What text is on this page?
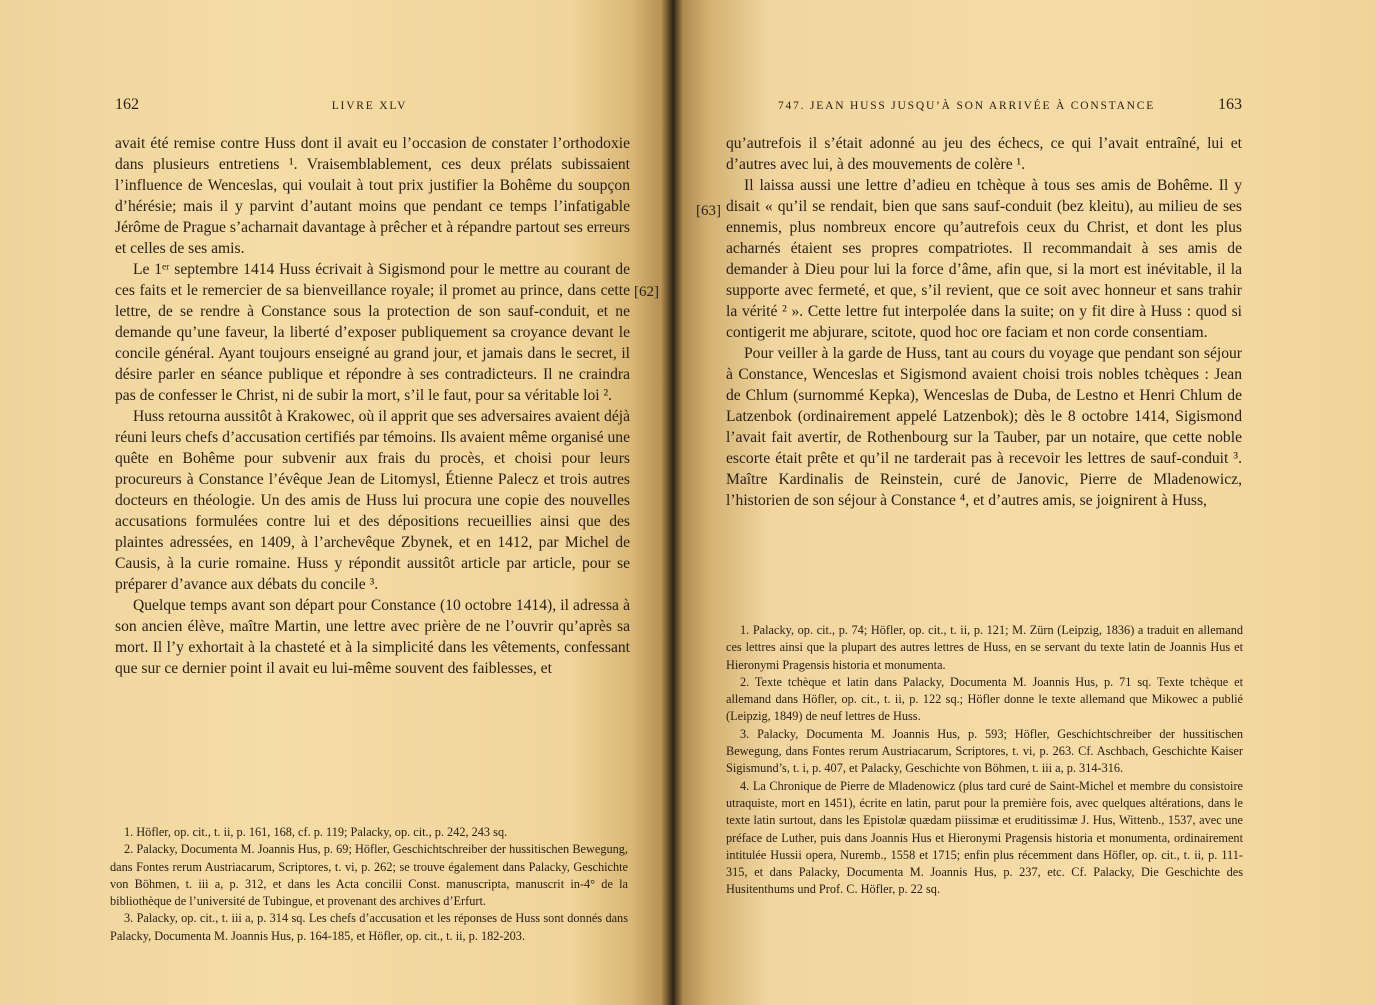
162	LIVRE XLV

avait été remise contre Huss dont il avait eu l’occasion de constater l’orthodoxie dans plusieurs entretiens ¹. Vraisemblablement, ces deux prélats subissaient l’influence de Wenceslas, qui voulait à tout prix justifier la Bohême du soupçon d’hérésie; mais il y parvint d’autant moins que pendant ce temps l’infatigable Jérôme de Prague s’acharnait davantage à prêcher et à répandre partout ses erreurs et celles de ses amis.

Le 1ᵉʳ septembre 1414 Huss écrivait à Sigismond pour le mettre au courant de ces faits et le remercier de sa bienveillance royale; il promet au prince, dans cette lettre, de se rendre à Constance sous la protection de son sauf-conduit, et ne demande qu’une faveur, la liberté d’exposer publiquement sa croyance devant le concile général. Ayant toujours enseigné au grand jour, et jamais dans le secret, il désire parler en séance publique et répondre à ses contradicteurs. Il ne craindra pas de confesser le Christ, ni de subir la mort, s’il le faut, pour sa véritable loi ².

Huss retourna aussitôt à Krakowec, où il apprit que ses adversaires avaient déjà réuni leurs chefs d’accusation certifiés par témoins. Ils avaient même organisé une quête en Bohême pour subvenir aux frais du procès, et choisi pour leurs procureurs à Constance l’évêque Jean de Litomysl, Étienne Palecz et trois autres docteurs en théologie. Un des amis de Huss lui procura une copie des nouvelles accusations formulées contre lui et des dépositions recueillies ainsi que des plaintes adressées, en 1409, à l’archevêque Zbynek, et en 1412, par Michel de Causis, à la curie romaine. Huss y répondit aussitôt article par article, pour se préparer d’avance aux débats du concile ³.

Quelque temps avant son départ pour Constance (10 octobre 1414), il adressa à son ancien élève, maître Martin, une lettre avec prière de ne l’ouvrir qu’après sa mort. Il l’y exhortait à la chasteté et à la simplicité dans les vêtements, confessant que sur ce dernier point il avait eu lui-même souvent des faiblesses, et

[62]

1. Höfler, op. cit., t. ii, p. 161, 168, cf. p. 119; Palacky, op. cit., p. 242, 243 sq.

2. Palacky, Documenta M. Joannis Hus, p. 69; Höfler, Geschichtschreiber der hussitischen Bewegung, dans Fontes rerum Austriacarum, Scriptores, t. vi, p. 262; se trouve également dans Palacky, Geschichte von Böhmen, t. iii a, p. 312, et dans les Acta concilii Const. manuscripta, manuscrit in-4° de la bibliothèque de l’université de Tubingue, et provenant des archives d’Erfurt.

3. Palacky, op. cit., t. iii a, p. 314 sq. Les chefs d’accusation et les réponses de Huss sont donnés dans Palacky, Documenta M. Joannis Hus, p. 164-185, et Höfler, op. cit., t. ii, p. 182-203.

747. JEAN HUSS JUSQU’À SON ARRIVÉE À CONSTANCE	163

qu’autrefois il s’était adonné au jeu des échecs, ce qui l’avait entraîné, lui et d’autres avec lui, à des mouvements de colère ¹.

Il laissa aussi une lettre d’adieu en tchèque à tous ses amis de Bohême. Il y disait « qu’il se rendait, bien que sans sauf-conduit (bez kleitu), au milieu de ses ennemis, plus nombreux encore qu’autrefois ceux du Christ, et dont les plus acharnés étaient ses propres compatriotes. Il recommandait à ses amis de demander à Dieu pour lui la force d’âme, afin que, si la mort est inévitable, il la supporte avec fermeté, et que, s’il revient, que ce soit avec honneur et sans trahir la vérité ² ». Cette lettre fut interpolée dans la suite; on y fit dire à Huss : quod si contigerit me abjurare, scitote, quod hoc ore faciam et non corde consentiam.

Pour veiller à la garde de Huss, tant au cours du voyage que pendant son séjour à Constance, Wenceslas et Sigismond avaient choisi trois nobles tchèques : Jean de Chlum (surnommé Kepka), Wenceslas de Duba, de Lestno et Henri Chlum de Latzenbok (ordinairement appelé Latzenbok); dès le 8 octobre 1414, Sigismond l’avait fait avertir, de Rothenbourg sur la Tauber, par un notaire, que cette noble escorte était prête et qu’il ne tarderait pas à recevoir les lettres de sauf-conduit ³. Maître Kardinalis de Reinstein, curé de Janovic, Pierre de Mladenowicz, l’historien de son séjour à Constance ⁴, et d’autres amis, se joignirent à Huss,

[63]

1. Palacky, op. cit., p. 74; Höfler, op. cit., t. ii, p. 121; M. Zürn (Leipzig, 1836) a traduit en allemand ces lettres ainsi que la plupart des autres lettres de Huss, en se servant du texte latin de Joannis Hus et Hieronymi Pragensis historia et monumenta.

2. Texte tchèque et latin dans Palacky, Documenta M. Joannis Hus, p. 71 sq. Texte tchèque et allemand dans Höfler, op. cit., t. ii, p. 122 sq.; Höfler donne le texte allemand que Mikowec a publié (Leipzig, 1849) de neuf lettres de Huss.

3. Palacky, Documenta M. Joannis Hus, p. 593; Höfler, Geschichtschreiber der hussitischen Bewegung, dans Fontes rerum Austriacarum, Scriptores, t. vi, p. 263. Cf. Aschbach, Geschichte Kaiser Sigismund’s, t. i, p. 407, et Palacky, Geschichte von Böhmen, t. iii a, p. 314-316.

4. La Chronique de Pierre de Mladenowicz (plus tard curé de Saint-Michel et membre du consistoire utraquiste, mort en 1451), écrite en latin, parut pour la première fois, avec quelques altérations, dans le texte latin surtout, dans les Epistolæ quædam piissimæ et eruditissimæ J. Hus, Wittenb., 1537, avec une préface de Luther, puis dans Joannis Hus et Hieronymi Pragensis historia et monumenta, ordinairement intitulée Hussii opera, Nuremb., 1558 et 1715; enfin plus récemment dans Höfler, op. cit., t. ii, p. 111-315, et dans Palacky, Documenta M. Joannis Hus, p. 237, etc. Cf. Palacky, Die Geschichte des Husitenthums und Prof. C. Höfler, p. 22 sq.
